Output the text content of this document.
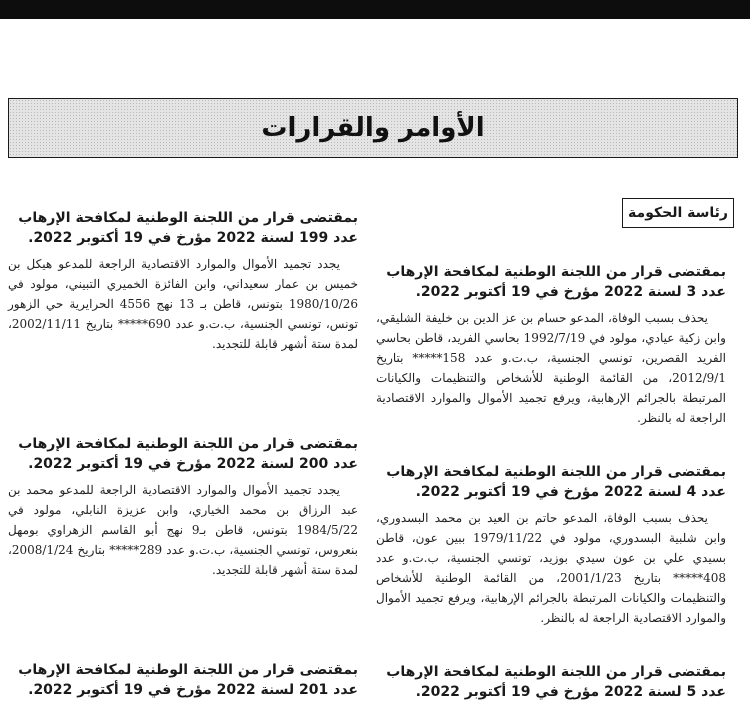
الأوامر والقرارات
رئاسة الحكومة

بمقتضى قرار من اللجنة الوطنية لمكافحة الإرهاب عدد 3 لسنة 2022 مؤرخ في 19 أكتوبر 2022.

يحذف بسبب الوفاة، المدعو حسام بن عز الدين بن خليفة الشليقي، وابن زكية عيادي، مولود في 1992/7/19 بحاسي الفريد، قاطن بحاسي الفريد القصرين، تونسي الجنسية، ب.ت.و عدد 158***** بتاريخ 2012/9/1، من القائمة الوطنية للأشخاص والتنظيمات والكيانات المرتبطة بالجرائم الإرهابية، ويرفع تجميد الأموال والموارد الاقتصادية الراجعة له بالنظر.

بمقتضى قرار من اللجنة الوطنية لمكافحة الإرهاب عدد 4 لسنة 2022 مؤرخ في 19 أكتوبر 2022.

يحذف بسبب الوفاة، المدعو حاتم بن العيد بن محمد البسدوري، وابن شلبية البسدوري، مولود في 1979/11/22 ببين عون، قاطن بسيدي علي بن عون سيدي بوزيد، تونسي الجنسية، ب.ت.و عدد 408***** بتاريخ 2001/1/23، من القائمة الوطنية للأشخاص والتنظيمات والكيانات المرتبطة بالجرائم الإرهابية، ويرفع تجميد الأموال والموارد الاقتصادية الراجعة له بالنظر.

بمقتضى قرار من اللجنة الوطنية لمكافحة الإرهاب عدد 5 لسنة 2022 مؤرخ في 19 أكتوبر 2022.

بمقتضى قرار من اللجنة الوطنية لمكافحة الإرهاب عدد 199 لسنة 2022 مؤرخ في 19 أكتوبر 2022.

يجدد تجميد الأموال والموارد الاقتصادية الراجعة للمدعو هيكل بن خميس بن عمار سعيداني، وابن الفائزة الخميري التبيني، مولود في 1980/10/26 بتونس، قاطن بـ 13 نهج 4556 الحرايرية حي الزهور تونس، تونسي الجنسية، ب.ت.و عدد 690***** بتاريخ 2002/11/11، لمدة ستة أشهر قابلة للتجديد.

بمقتضى قرار من اللجنة الوطنية لمكافحة الإرهاب عدد 200 لسنة 2022 مؤرخ في 19 أكتوبر 2022.

يجدد تجميد الأموال والموارد الاقتصادية الراجعة للمدعو محمد بن عبد الرزاق بن محمد الخياري، وابن عزيزة النابلي، مولود في 1984/5/22 بتونس، قاطن بـ9 نهج أبو القاسم الزهراوي بومهل بنعروس، تونسي الجنسية، ب.ت.و عدد 289***** بتاريخ 2008/1/24، لمدة ستة أشهر قابلة للتجديد.

بمقتضى قرار من اللجنة الوطنية لمكافحة الإرهاب عدد 201 لسنة 2022 مؤرخ في 19 أكتوبر 2022.
